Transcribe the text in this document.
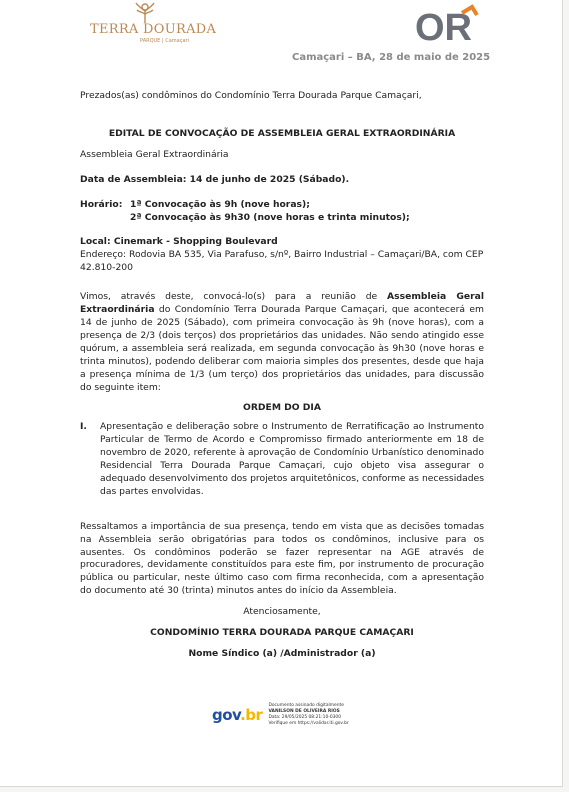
TERRA DOURADA
PARQUE | Camaçari	OR
Camaçari – BA, 28 de maio de 2025
Prezados(as) condôminos do Condomínio Terra Dourada Parque Camaçari,
EDITAL DE CONVOCAÇÃO DE ASSEMBLEIA GERAL EXTRAORDINÁRIA
Assembleia Geral Extraordinária
Data de Assembleia: 14 de junho de 2025 (Sábado).
Horário: 1ª Convocação às 9h (nove horas);
2ª Convocação às 9h30 (nove horas e trinta minutos);
Local: Cinemark - Shopping Boulevard
Endereço: Rodovia BA 535, Via Parafuso, s/nº, Bairro Industrial – Camaçari/BA, com CEP 42.810-200
Vimos, através deste, convocá-lo(s) para a reunião de Assembleia Geral Extraordinária do Condomínio Terra Dourada Parque Camaçari, que acontecerá em 14 de junho de 2025 (Sábado), com primeira convocação às 9h (nove horas), com a presença de 2/3 (dois terços) dos proprietários das unidades. Não sendo atingido esse quórum, a assembleia será realizada, em segunda convocação às 9h30 (nove horas e trinta minutos), podendo deliberar com maioria simples dos presentes, desde que haja a presença mínima de 1/3 (um terço) dos proprietários das unidades, para discussão do seguinte item:
ORDEM DO DIA
I.	Apresentação e deliberação sobre o Instrumento de Rerratificação ao Instrumento Particular de Termo de Acordo e Compromisso firmado anteriormente em 18 de novembro de 2020, referente à aprovação de Condomínio Urbanístico denominado Residencial Terra Dourada Parque Camaçari, cujo objeto visa assegurar o adequado desenvolvimento dos projetos arquitetônicos, conforme as necessidades das partes envolvidas.
Ressaltamos a importância de sua presença, tendo em vista que as decisões tomadas na Assembleia serão obrigatórias para todos os condôminos, inclusive para os ausentes. Os condôminos poderão se fazer representar na AGE através de procuradores, devidamente constituídos para este fim, por instrumento de procuração pública ou particular, neste último caso com firma reconhecida, com a apresentação do documento até 30 (trinta) minutos antes do início da Assembleia.
Atenciosamente,
CONDOMÍNIO TERRA DOURADA PARQUE CAMAÇARI
Nome Síndico (a) /Administrador (a)
gov.br
Documento assinado digitalmente
VANILSON DE OLIVEIRA RIOS
Data: 29/05/2025 08:21:10-0300
Verifique em https://validar.iti.gov.br
